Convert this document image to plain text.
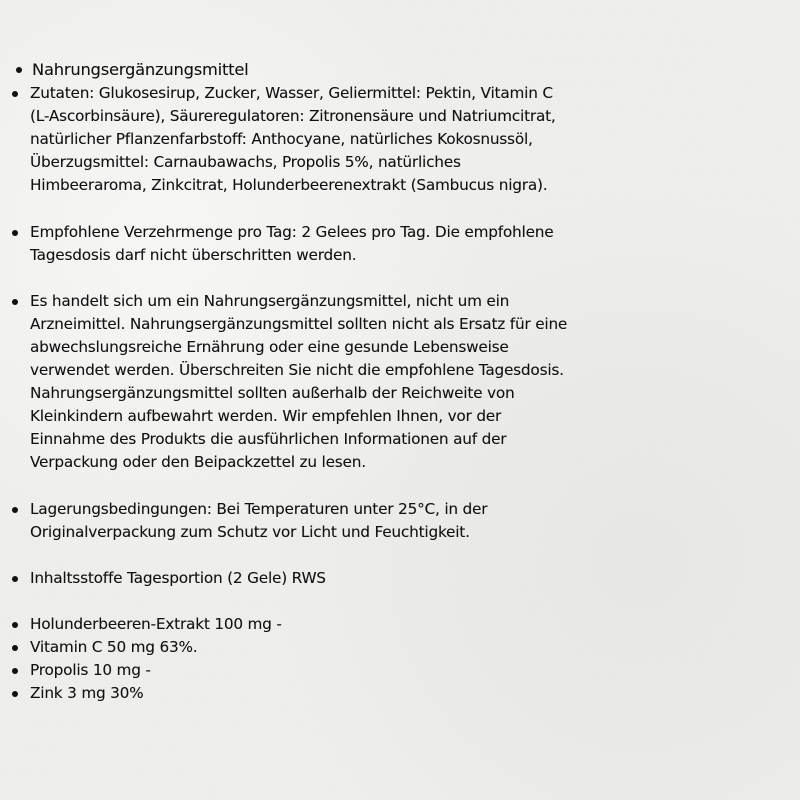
Nahrungsergänzungsmittel
Zutaten: Glukosesirup, Zucker, Wasser, Geliermittel: Pektin, Vitamin C (L-Ascorbinsäure), Säureregulatoren: Zitronensäure und Natriumcitrat, natürlicher Pflanzenfarbstoff: Anthocyane, natürliches Kokosnussöl, Überzugsmittel: Carnaubawachs, Propolis 5%, natürliches Himbeeraroma, Zinkcitrat, Holunderbeerenextrakt (Sambucus nigra).
Empfohlene Verzehrmenge pro Tag: 2 Gelees pro Tag. Die empfohlene Tagesdosis darf nicht überschritten werden.
Es handelt sich um ein Nahrungsergänzungsmittel, nicht um ein Arzneimittel. Nahrungsergänzungsmittel sollten nicht als Ersatz für eine abwechslungsreiche Ernährung oder eine gesunde Lebensweise verwendet werden. Überschreiten Sie nicht die empfohlene Tagesdosis. Nahrungsergänzungsmittel sollten außerhalb der Reichweite von Kleinkindern aufbewahrt werden. Wir empfehlen Ihnen, vor der Einnahme des Produkts die ausführlichen Informationen auf der Verpackung oder den Beipackzettel zu lesen.
Lagerungsbedingungen: Bei Temperaturen unter 25°C, in der Originalverpackung zum Schutz vor Licht und Feuchtigkeit.
Inhaltsstoffe Tagesportion (2 Gele) RWS
Holunderbeeren-Extrakt 100 mg -
Vitamin C 50 mg 63%.
Propolis 10 mg -
Zink 3 mg 30%
